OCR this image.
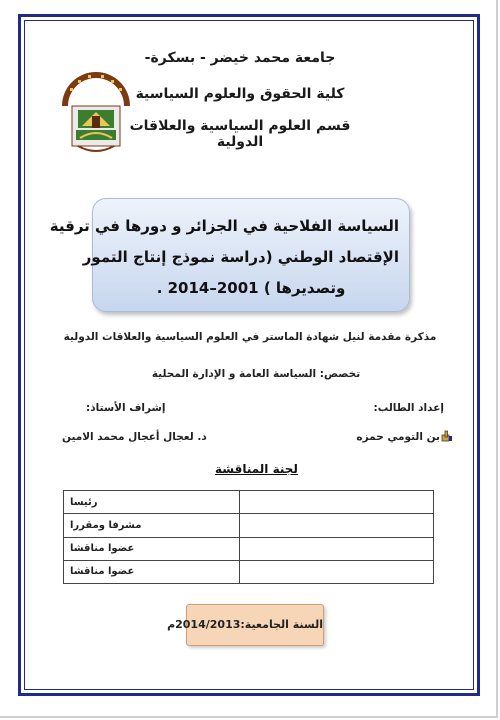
جامعة محمد خيضر - بسكرة-
كلية الحقوق والعلوم السياسية
قسم العلوم السياسية والعلاقات الدولية

السياسة الفلاحية في الجزائر و دورها في ترقية

الإقتصاد الوطني (دراسة نموذج إنتاج التمور

وتصديرها ) 2001–2014 .

مذكرة مقدمة لنيل شهادة الماستر في العلوم السياسية والعلاقات الدولية
تخصص: السياسة العامة و الإدارة المحلية
إعداد الطالب:
إشراف الأستاذ:
بن التومي حمزه
د. لعجال أعجال محمد الامين
لجنة المناقشة
	رئيسا
	مشرفا ومقررا
	عضوا مناقشا
	عضوا مناقشا
السنة الجامعية:2014/2013م
